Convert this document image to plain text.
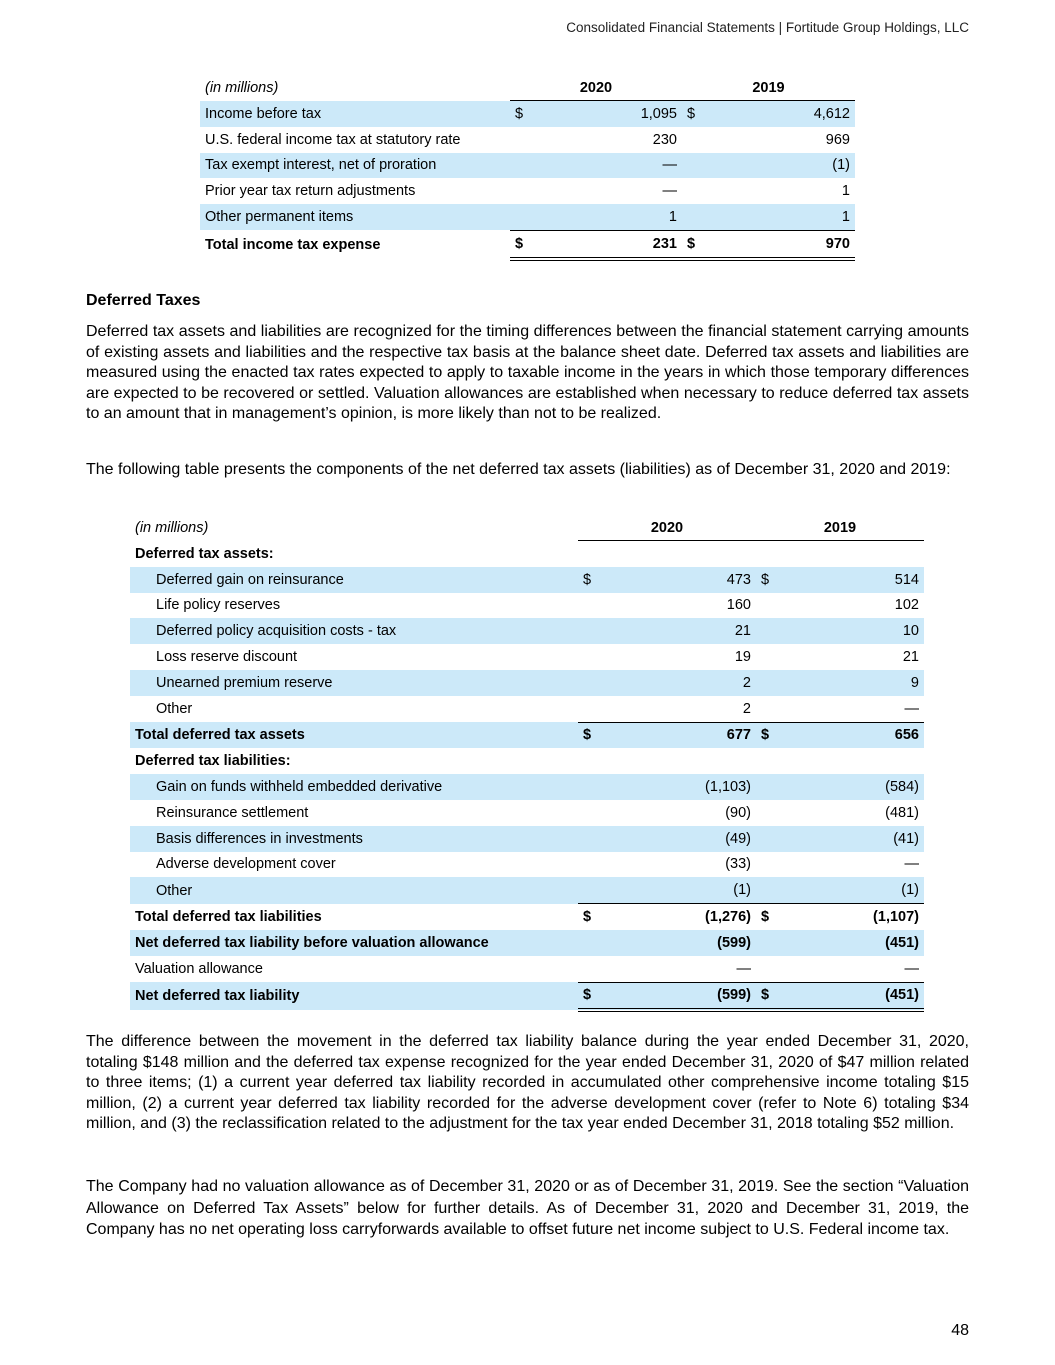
Consolidated Financial Statements | Fortitude Group Holdings, LLC
(in millions)	2020		2019	
Income before tax	$	1,095	$	4,612
U.S. federal income tax at statutory rate		230		969
Tax exempt interest, net of proration		—		(1)
Prior year tax return adjustments		—		1
Other permanent items		1		1
Total income tax expense	$	231	$	970
Deferred Taxes

Deferred tax assets and liabilities are recognized for the timing differences between the financial statement carrying amounts of existing assets and liabilities and the respective tax basis at the balance sheet date. Deferred tax assets and liabilities are measured using the enacted tax rates expected to apply to taxable income in the years in which those temporary differences are expected to be recovered or settled. Valuation allowances are established when necessary to reduce deferred tax assets to an amount that in management’s opinion, is more likely than not to be realized.

The following table presents the components of the net deferred tax assets (liabilities) as of December 31, 2020 and 2019:

(in millions)	2020		2019	
Deferred tax assets:				
Deferred gain on reinsurance	$	473	$	514
Life policy reserves		160		102
Deferred policy acquisition costs - tax		21		10
Loss reserve discount		19		21
Unearned premium reserve		2		9
Other		2		—
Total deferred tax assets	$	677	$	656
Deferred tax liabilities:				
Gain on funds withheld embedded derivative		(1,103)		(584)
Reinsurance settlement		(90)		(481)
Basis differences in investments		(49)		(41)
Adverse development cover		(33)		—
Other		(1)		(1)
Total deferred tax liabilities	$	(1,276)	$	(1,107)
Net deferred tax liability before valuation allowance		(599)		(451)
Valuation allowance		—		—
Net deferred tax liability	$	(599)	$	(451)

The difference between the movement in the deferred tax liability balance during the year ended December 31, 2020, totaling $148 million and the deferred tax expense recognized for the year ended December 31, 2020 of $47 million related to three items; (1) a current year deferred tax liability recorded in accumulated other comprehensive income totaling $15 million, (2) a current year deferred tax liability recorded for the adverse development cover (refer to Note 6) totaling $34 million, and (3) the reclassification related to the adjustment for the tax year ended December 31, 2018 totaling $52 million.

The Company had no valuation allowance as of December 31, 2020 or as of December 31, 2019. See the section “Valuation Allowance on Deferred Tax Assets” below for further details. As of December 31, 2020 and December 31, 2019, the Company has no net operating loss carryforwards available to offset future net income subject to U.S. Federal income tax.

48
